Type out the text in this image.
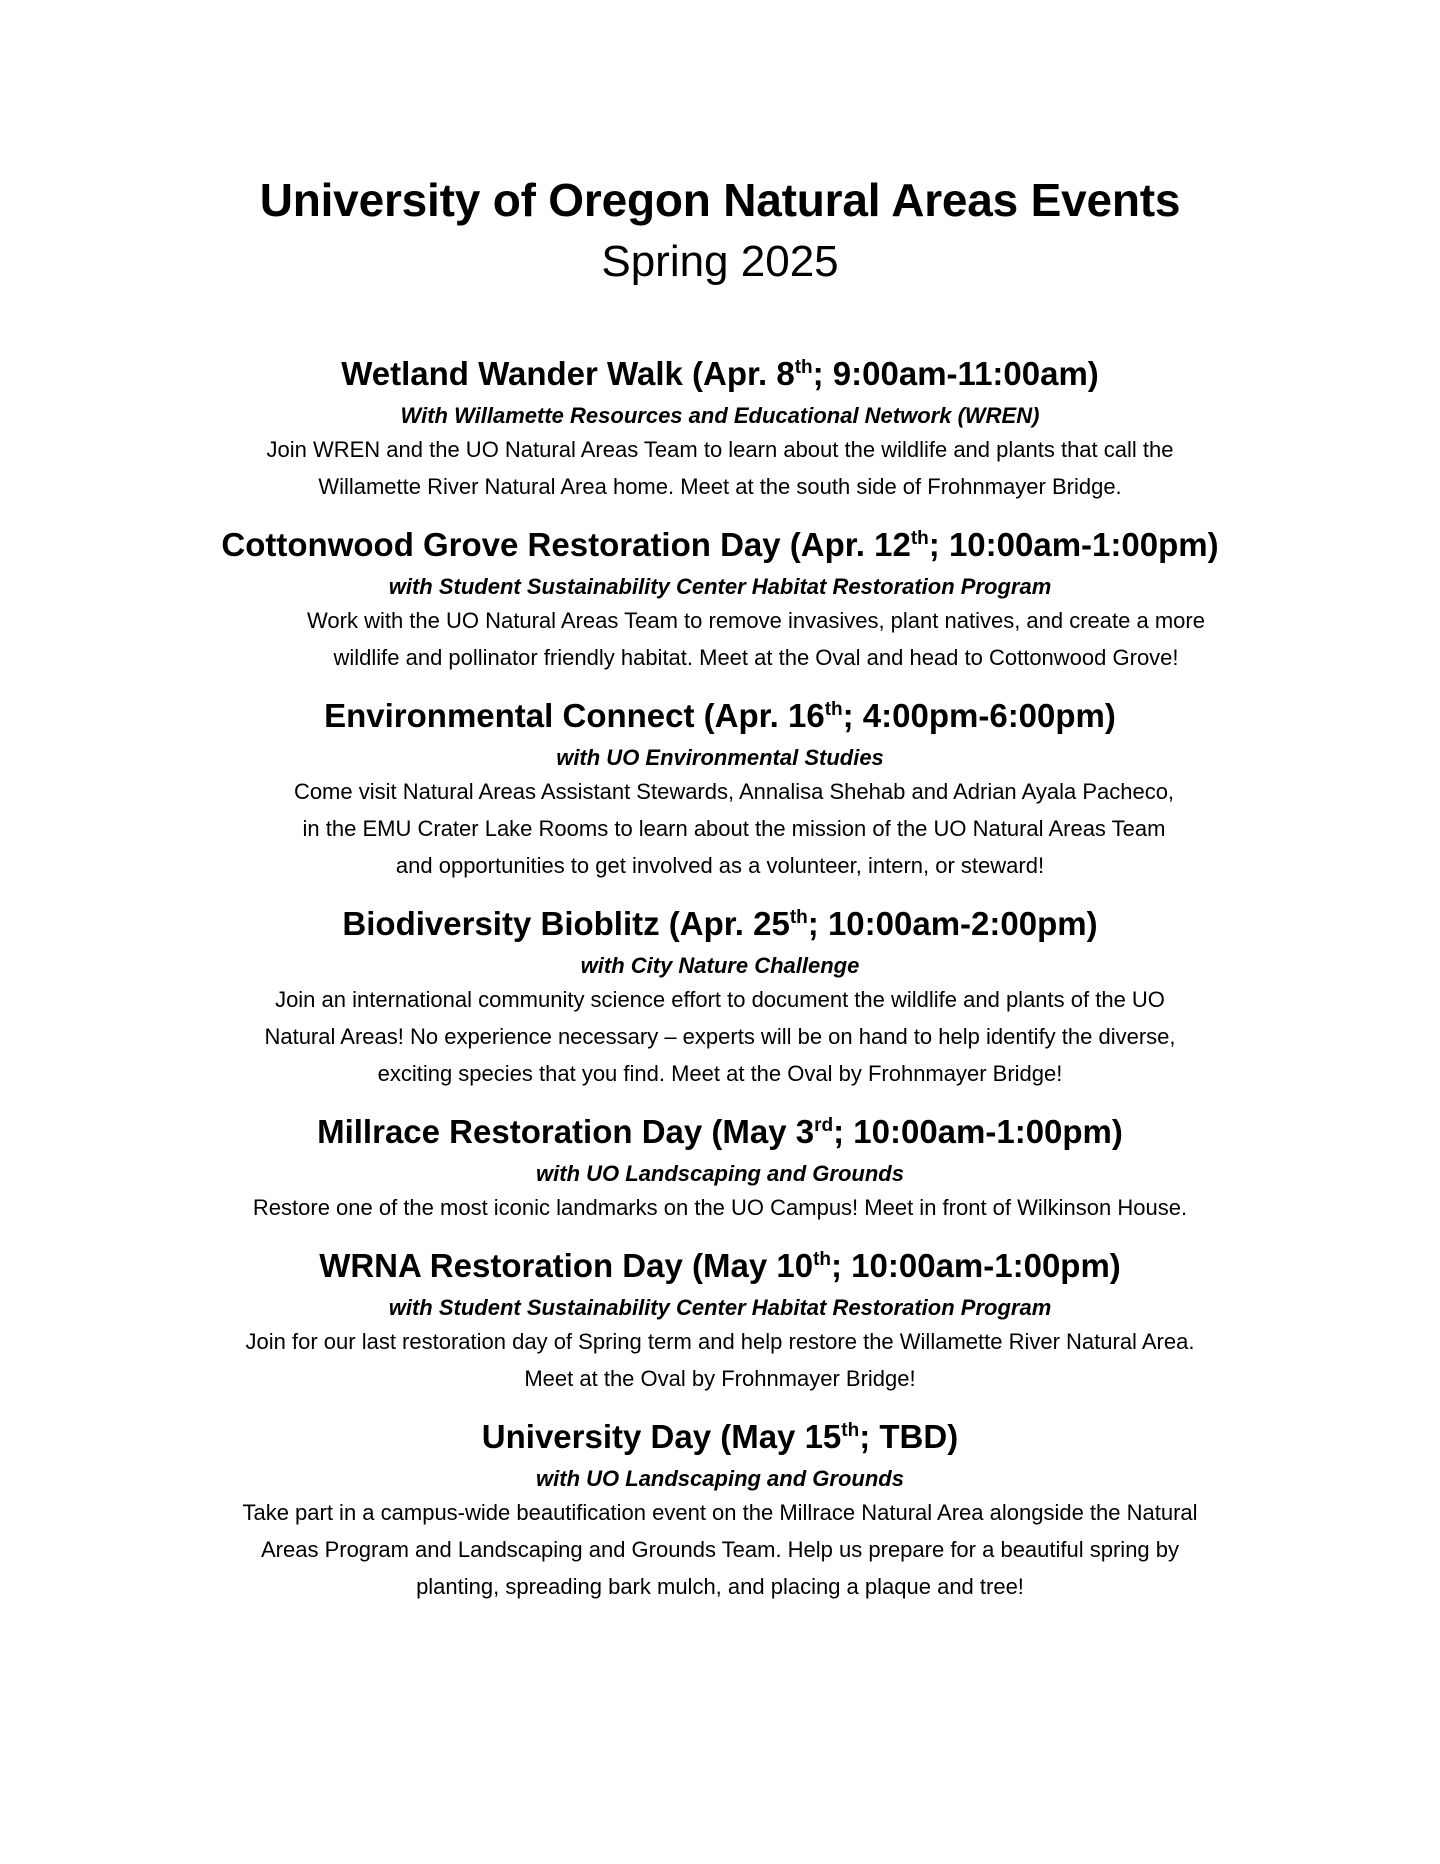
University of Oregon Natural Areas Events
Spring 2025
Wetland Wander Walk (Apr. 8th; 9:00am-11:00am)

With Willamette Resources and Educational Network (WREN)

Join WREN and the UO Natural Areas Team to learn about the wildlife and plants that call the
Willamette River Natural Area home. Meet at the south side of Frohnmayer Bridge.

Cottonwood Grove Restoration Day (Apr. 12th; 10:00am-1:00pm)

with Student Sustainability Center Habitat Restoration Program

Work with the UO Natural Areas Team to remove invasives, plant natives, and create a more
wildlife and pollinator friendly habitat. Meet at the Oval and head to Cottonwood Grove!

Environmental Connect (Apr. 16th; 4:00pm-6:00pm)

with UO Environmental Studies

Come visit Natural Areas Assistant Stewards, Annalisa Shehab and Adrian Ayala Pacheco,
in the EMU Crater Lake Rooms to learn about the mission of the UO Natural Areas Team
and opportunities to get involved as a volunteer, intern, or steward!

Biodiversity Bioblitz (Apr. 25th; 10:00am-2:00pm)

with City Nature Challenge

Join an international community science effort to document the wildlife and plants of the UO
Natural Areas! No experience necessary – experts will be on hand to help identify the diverse,
exciting species that you find. Meet at the Oval by Frohnmayer Bridge!

Millrace Restoration Day (May 3rd; 10:00am-1:00pm)

with UO Landscaping and Grounds

Restore one of the most iconic landmarks on the UO Campus! Meet in front of Wilkinson House.

WRNA Restoration Day (May 10th; 10:00am-1:00pm)

with Student Sustainability Center Habitat Restoration Program

Join for our last restoration day of Spring term and help restore the Willamette River Natural Area.
Meet at the Oval by Frohnmayer Bridge!

University Day (May 15th; TBD)

with UO Landscaping and Grounds

Take part in a campus-wide beautification event on the Millrace Natural Area alongside the Natural
Areas Program and Landscaping and Grounds Team. Help us prepare for a beautiful spring by
planting, spreading bark mulch, and placing a plaque and tree!
